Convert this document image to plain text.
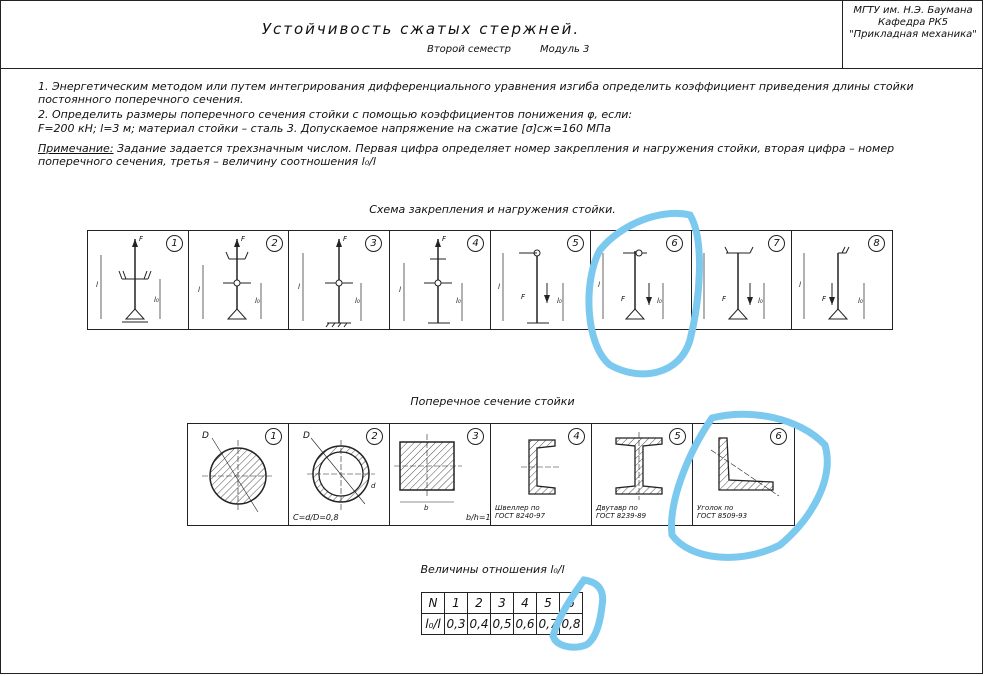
МГТУ им. Н.Э. Баумана
Кафедра РК5
"Прикладная механика"
Устойчивость сжатых стержней.
Второй семестр	Модуль 3
1. Энергетическим методом или путем интегрирования дифференциального уравнения изгиба определить коэффициент приведения длины стойки постоянного поперечного сечения.
2. Определить размеры поперечного сечения стойки с помощью коэффициентов понижения φ, если:
F=200 кН; l=3 м; материал стойки – сталь 3. Допускаемое напряжение на сжатие [σ]сж=160 МПа
Примечание: Задание задается трехзначным числом. Первая цифра определяет номер закрепления и нагружения стойки, вторая цифра – номер поперечного сечения, третья – величину соотношения l₀/l
Схема закрепления и нагружения стойки.
1
F
l
l₀
2
F
l
l₀
3
F
l
l₀
4
F
l
l₀
5
F
l
l₀
6
F
l
l₀
7
F
l
l₀
8
F
l
l₀
Поперечное сечение стойки
1
D	2
D
d
C=d/D=0,8
3
b
b/h=1
4
Швеллер по
ГОСТ 8240-97
5
Двутавр по
ГОСТ 8239-89
6
Уголок по
ГОСТ 8509-93
Величины отношения l₀/l
N	1	2	3	4	5	6
l₀/l	0,3	0,4	0,5	0,6	0,7	0,8
